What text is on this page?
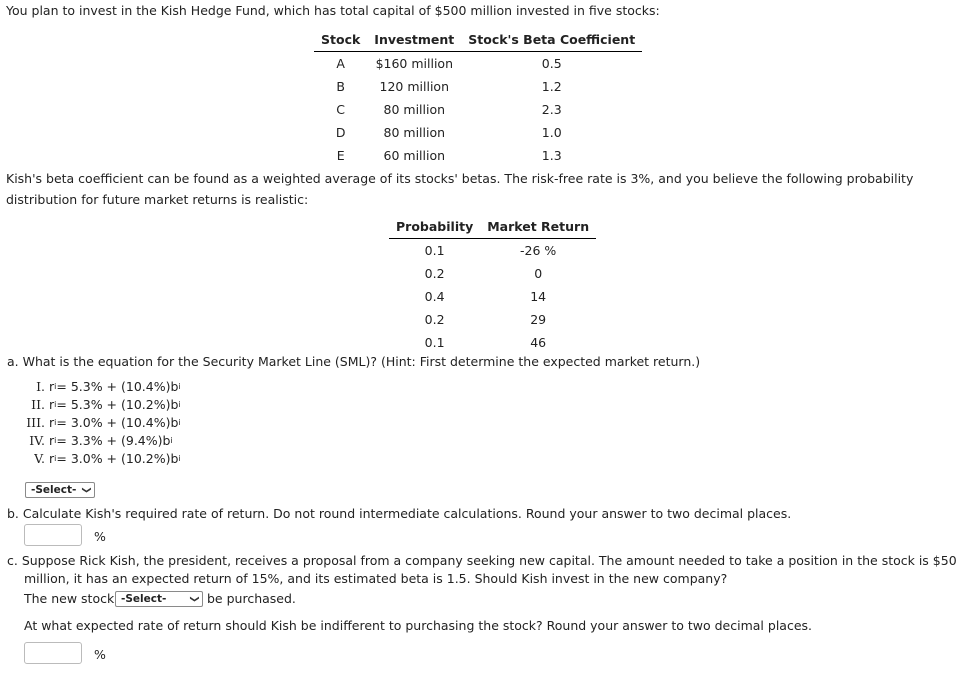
You plan to invest in the Kish Hedge Fund, which has total capital of $500 million invested in five stocks:
Stock	Investment	Stock's Beta Coefficient
A	$160 million	0.5
B	120 million	1.2
C	80 million	2.3
D	80 million	1.0
E	60 million	1.3
Kish's beta coefficient can be found as a weighted average of its stocks' betas. The risk-free rate is 3%, and you believe the following probability distribution for future market returns is realistic:
Probability	Market Return
0.1	-26 %
0.2	0
0.4	14
0.2	29
0.1	46
a. What is the equation for the Security Market Line (SML)? (Hint: First determine the expected market return.)
I. r i = 5.3% + (10.4%)b i
II. r i = 5.3% + (10.2%)b i
III. r i = 3.0% + (10.4%)b i
IV. r i = 3.3% + (9.4%)b i
V. r i = 3.0% + (10.2%)b i
-Select- ❯
b. Calculate Kish's required rate of return. Do not round intermediate calculations. Round your answer to two decimal places.
%
c. Suppose Rick Kish, the president, receives a proposal from a company seeking new capital. The amount needed to take a position in the stock is $50
million, it has an expected return of 15%, and its estimated beta is 1.5. Should Kish invest in the new company?
The new stock -Select-	❯ be purchased.
At what expected rate of return should Kish be indifferent to purchasing the stock? Round your answer to two decimal places.
%
